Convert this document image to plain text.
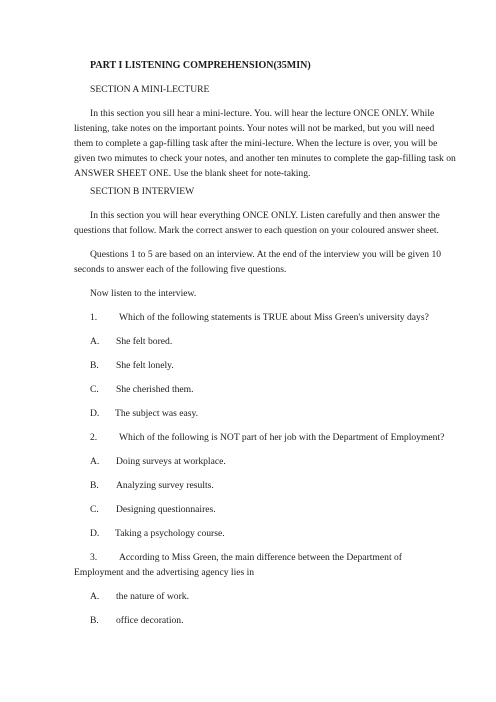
PART I LISTENING COMPREHENSION(35MIN)
SECTION A MINI-LECTURE
In this section you sill hear a mini-lecture. You. will hear the lecture ONCE ONLY. While
listening, take notes on the important points. Your notes will not be marked, but you will need
them to complete a gap-filling task after the mini-lecture. When the lecture is over, you will be
given two mimutes to check your notes, and another ten minutes to complete the gap-filling task on
ANSWER SHEET ONE. Use the blank sheet for note-taking.
SECTION B INTERVIEW
In this section you will hear everything ONCE ONLY. Listen carefully and then answer the
questions that follow. Mark the correct answer to each question on your coloured answer sheet.
Questions 1 to 5 are based on an interview. At the end of the interview you will be given 10
seconds to answer each of the following five questions.
Now listen to the interview.
1. Which of the following statements is TRUE about Miss Green's university days?
A. She felt bored.
B. She felt lonely.
C. She cherished them.
D. The subject was easy.
2. Which of the following is NOT part of her job with the Department of Employment?
A. Doing surveys at workplace.
B. Analyzing survey results.
C. Designing questionnaires.
D. Taking a psychology course.
3. According to Miss Green, the main difference between the Department of
Employment and the advertising agency lies in
A. the nature of work.
B. office decoration.
